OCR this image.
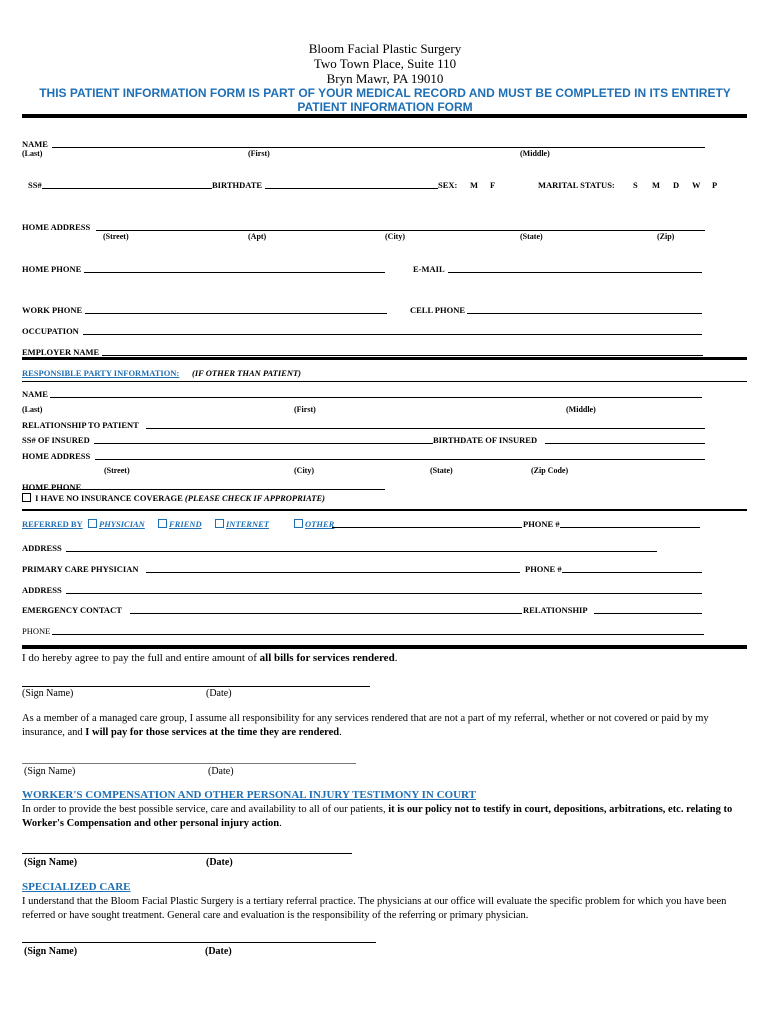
Bloom Facial Plastic Surgery
Two Town Place, Suite 110
Bryn Mawr, PA 19010
THIS PATIENT INFORMATION FORM IS PART OF YOUR MEDICAL RECORD AND MUST BE COMPLETED IN ITS ENTIRETY
PATIENT INFORMATION FORM
NAME
(Last)	(First)	(Middle)
SS#	BIRTHDATE	SEX: M F	MARITAL STATUS: S M D W P
HOME ADDRESS
(Street)	(Apt)	(City)	(State)	(Zip)
HOME PHONE	E-MAIL
WORK PHONE	CELL PHONE
OCCUPATION
EMPLOYER NAME
RESPONSIBLE PARTY INFORMATION: (IF OTHER THAN PATIENT)
NAME
(Last)	(First)	(Middle)
RELATIONSHIP TO PATIENT
SS# OF INSURED	BIRTHDATE OF INSURED
HOME ADDRESS
(Street)	(City)	(State)	(Zip Code)
HOME PHONE
I HAVE NO INSURANCE COVERAGE (PLEASE CHECK IF APPROPRIATE)
REFERRED BY	PHYSICIAN	FRIEND	INTERNET	OTHER	PHONE #
ADDRESS
PRIMARY CARE PHYSICIAN	PHONE #
ADDRESS
EMERGENCY CONTACT	RELATIONSHIP
PHONE
I do hereby agree to pay the full and entire amount of all bills for services rendered.
(Sign Name)	(Date)
As a member of a managed care group, I assume all responsibility for any services rendered that are not a part of my referral, whether or not covered or paid by my insurance, and I will pay for those services at the time they are rendered.
(Sign Name)	(Date)
WORKER'S COMPENSATION AND OTHER PERSONAL INJURY TESTIMONY IN COURT
In order to provide the best possible service, care and availability to all of our patients, it is our policy not to testify in court, depositions, arbitrations, etc. relating to Worker's Compensation and other personal injury action.
(Sign Name)	(Date)
SPECIALIZED CARE
I understand that the Bloom Facial Plastic Surgery is a tertiary referral practice. The physicians at our office will evaluate the specific problem for which you have been referred or have sought treatment. General care and evaluation is the responsibility of the referring or primary physician.
(Sign Name)	(Date)
